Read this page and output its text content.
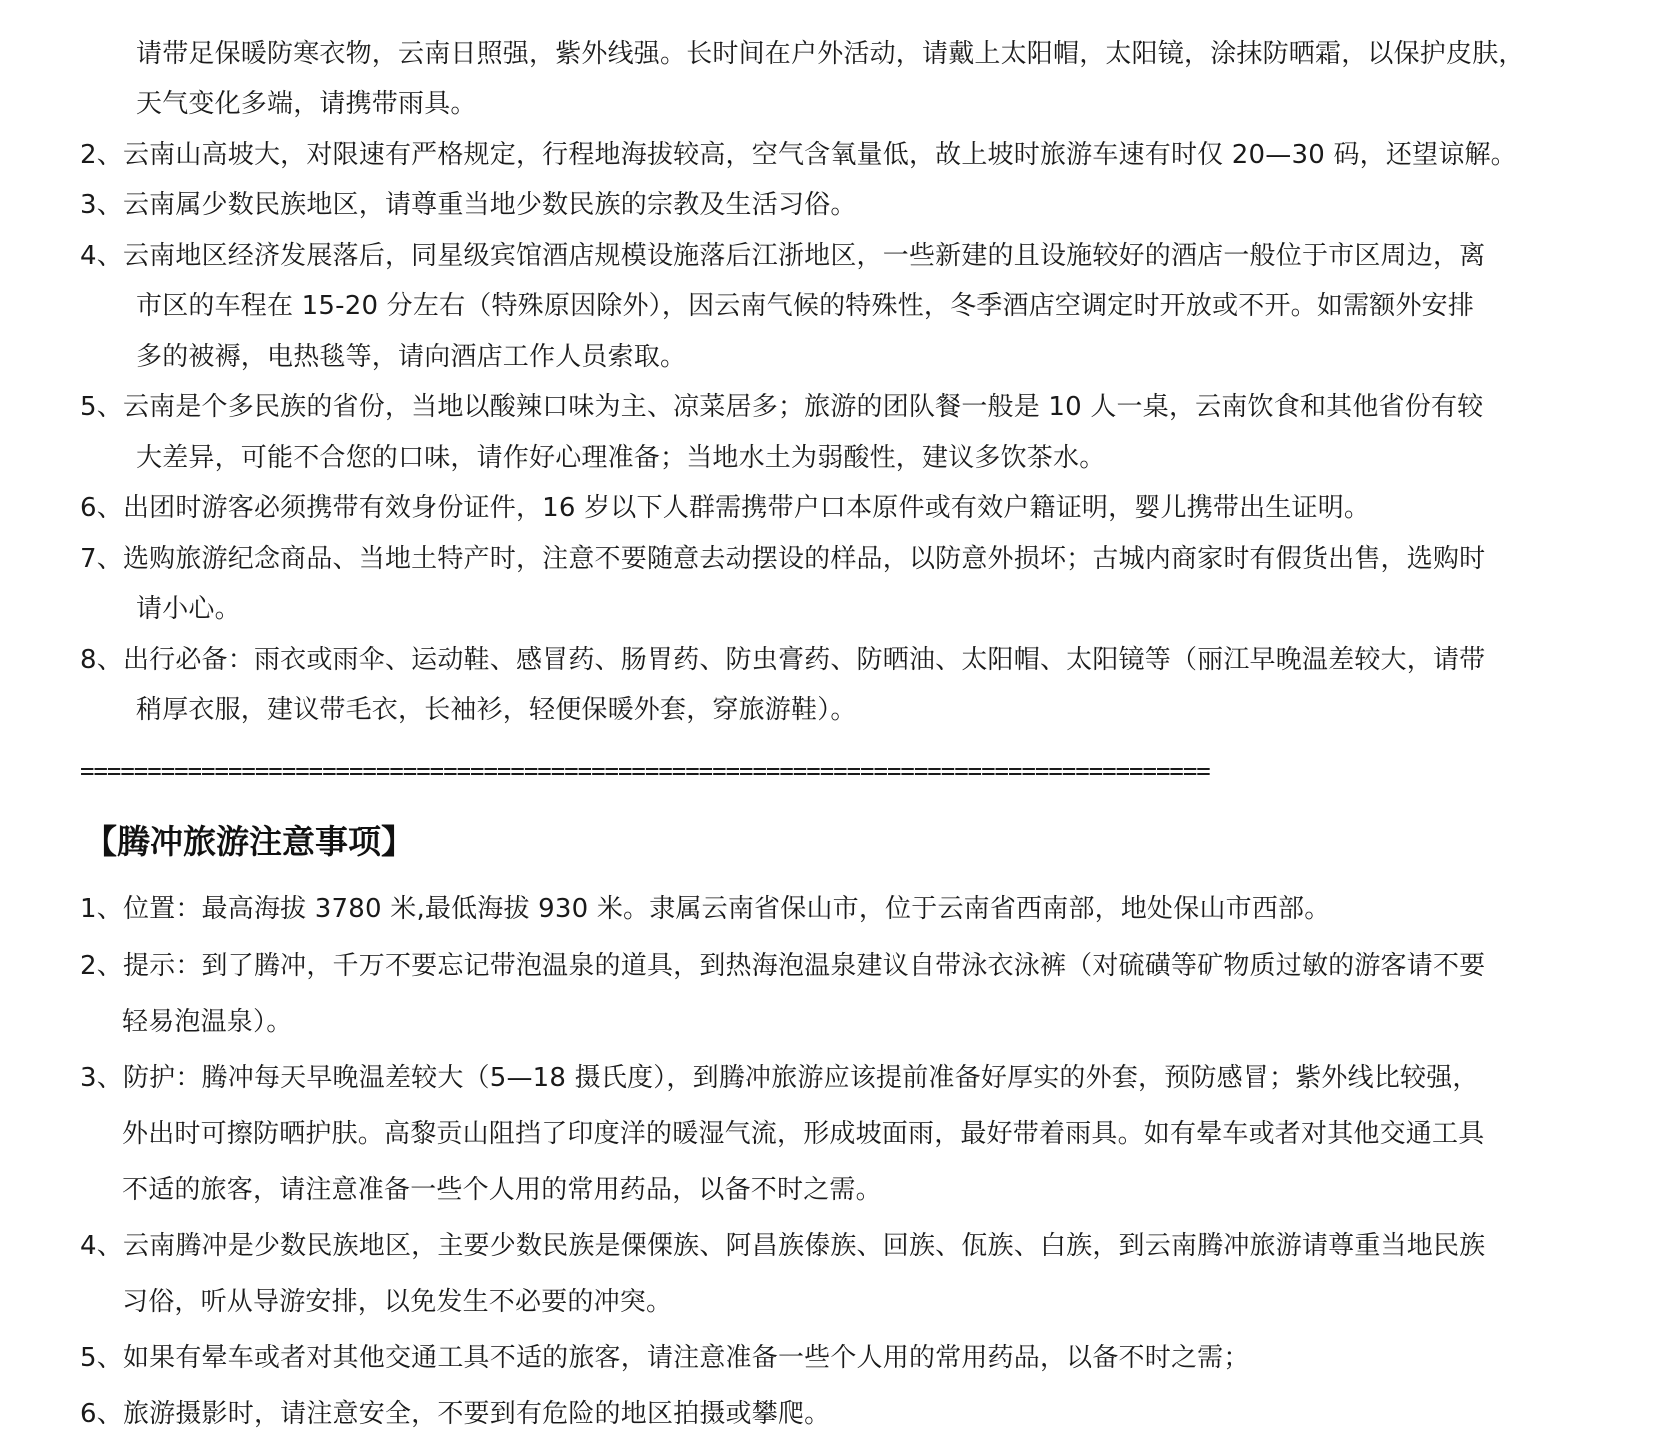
请带足保暖防寒衣物，云南日照强，紫外线强。长时间在户外活动，请戴上太阳帽，太阳镜，涂抹防晒霜，以保护皮肤，
天气变化多端，请携带雨具。
2、云南山高坡大，对限速有严格规定，行程地海拔较高，空气含氧量低，故上坡时旅游车速有时仅 20—30 码，还望谅解。
3、云南属少数民族地区，请尊重当地少数民族的宗教及生活习俗。
4、云南地区经济发展落后，同星级宾馆酒店规模设施落后江浙地区，一些新建的且设施较好的酒店一般位于市区周边，离
市区的车程在 15-20 分左右（特殊原因除外），因云南气候的特殊性，冬季酒店空调定时开放或不开。如需额外安排
多的被褥，电热毯等，请向酒店工作人员索取。
5、云南是个多民族的省份，当地以酸辣口味为主、凉菜居多；旅游的团队餐一般是 10 人一桌，云南饮食和其他省份有较
大差异，可能不合您的口味，请作好心理准备；当地水土为弱酸性，建议多饮茶水。
6、出团时游客必须携带有效身份证件，16 岁以下人群需携带户口本原件或有效户籍证明，婴儿携带出生证明。
7、选购旅游纪念商品、当地土特产时，注意不要随意去动摆设的样品，以防意外损坏；古城内商家时有假货出售，选购时
请小心。
8、出行必备：雨衣或雨伞、运动鞋、感冒药、肠胃药、防虫膏药、防晒油、太阳帽、太阳镜等（丽江早晚温差较大，请带
稍厚衣服，建议带毛衣，长袖衫，轻便保暖外套，穿旅游鞋）。
====================================================================================
【腾冲旅游注意事项】
1、位置：最高海拔 3780 米,最低海拔 930 米。隶属云南省保山市，位于云南省西南部，地处保山市西部。
2、提示：到了腾冲，千万不要忘记带泡温泉的道具，到热海泡温泉建议自带泳衣泳裤（对硫磺等矿物质过敏的游客请不要
轻易泡温泉）。
3、防护：腾冲每天早晚温差较大（5—18 摄氏度），到腾冲旅游应该提前准备好厚实的外套，预防感冒；紫外线比较强，
外出时可擦防晒护肤。高黎贡山阻挡了印度洋的暖湿气流，形成坡面雨，最好带着雨具。如有晕车或者对其他交通工具
不适的旅客，请注意准备一些个人用的常用药品，以备不时之需。
4、云南腾冲是少数民族地区，主要少数民族是傈傈族、阿昌族傣族、回族、佤族、白族，到云南腾冲旅游请尊重当地民族
习俗，听从导游安排，以免发生不必要的冲突。
5、如果有晕车或者对其他交通工具不适的旅客，请注意准备一些个人用的常用药品，以备不时之需；
6、旅游摄影时，请注意安全，不要到有危险的地区拍摄或攀爬。
